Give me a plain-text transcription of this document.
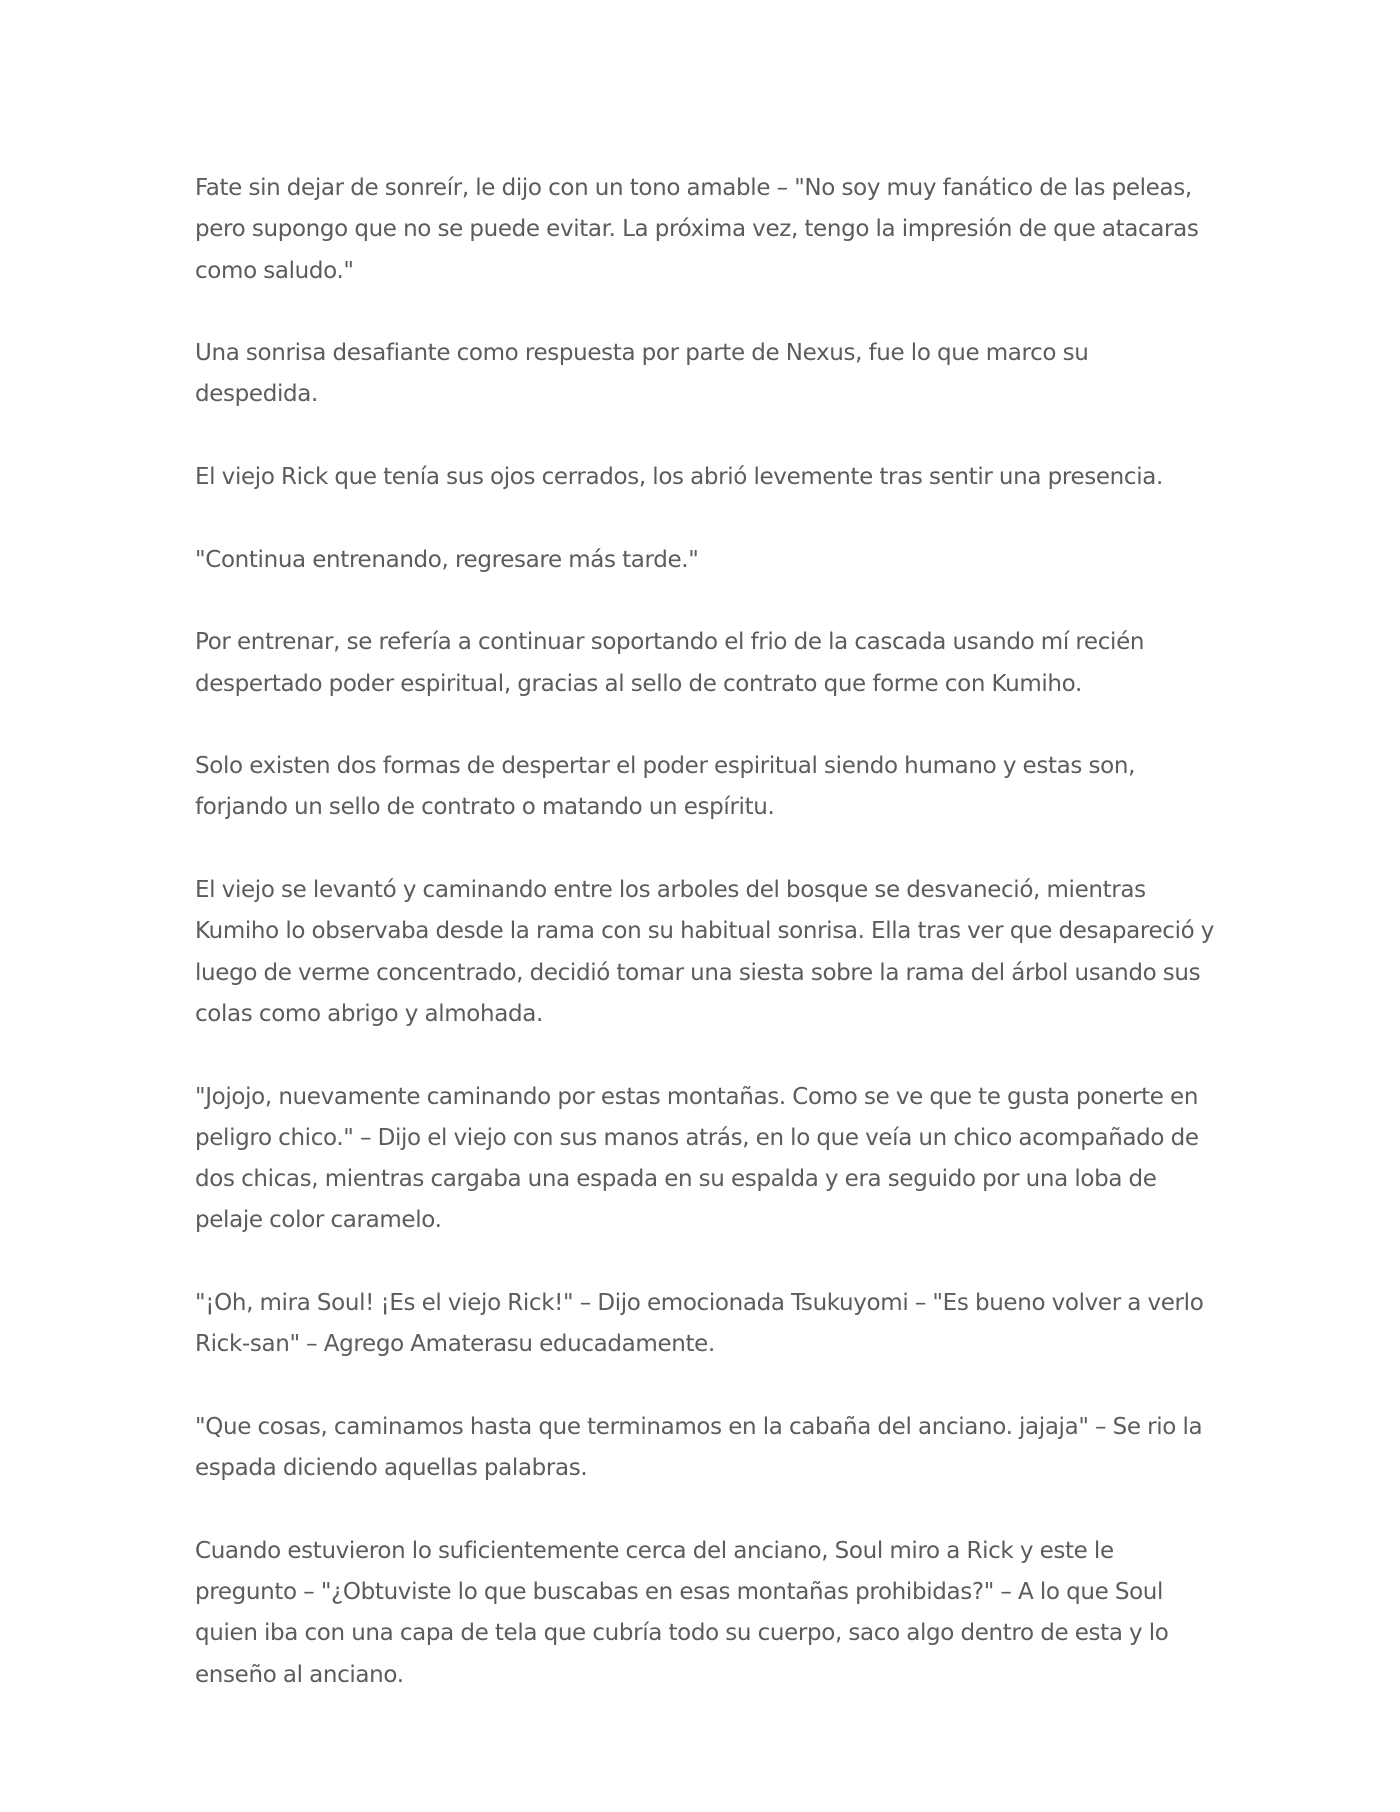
Fate sin dejar de sonreír, le dijo con un tono amable – "No soy muy fanático de las peleas, pero supongo que no se puede evitar. La próxima vez, tengo la impresión de que atacaras como saludo."

Una sonrisa desafiante como respuesta por parte de Nexus, fue lo que marco su despedida.

El viejo Rick que tenía sus ojos cerrados, los abrió levemente tras sentir una presencia.

"Continua entrenando, regresare más tarde."

Por entrenar, se refería a continuar soportando el frio de la cascada usando mí recién despertado poder espiritual, gracias al sello de contrato que forme con Kumiho.

Solo existen dos formas de despertar el poder espiritual siendo humano y estas son, forjando un sello de contrato o matando un espíritu.

El viejo se levantó y caminando entre los arboles del bosque se desvaneció, mientras Kumiho lo observaba desde la rama con su habitual sonrisa. Ella tras ver que desapareció y luego de verme concentrado, decidió tomar una siesta sobre la rama del árbol usando sus colas como abrigo y almohada.

"Jojojo, nuevamente caminando por estas montañas. Como se ve que te gusta ponerte en peligro chico." – Dijo el viejo con sus manos atrás, en lo que veía un chico acompañado de dos chicas, mientras cargaba una espada en su espalda y era seguido por una loba de pelaje color caramelo.

"¡Oh, mira Soul! ¡Es el viejo Rick!" – Dijo emocionada Tsukuyomi – "Es bueno volver a verlo Rick-san" – Agrego Amaterasu educadamente.

"Que cosas, caminamos hasta que terminamos en la cabaña del anciano. jajaja" – Se rio la espada diciendo aquellas palabras.

Cuando estuvieron lo suficientemente cerca del anciano, Soul miro a Rick y este le pregunto – "¿Obtuviste lo que buscabas en esas montañas prohibidas?" – A lo que Soul quien iba con una capa de tela que cubría todo su cuerpo, saco algo dentro de esta y lo enseño al anciano.
